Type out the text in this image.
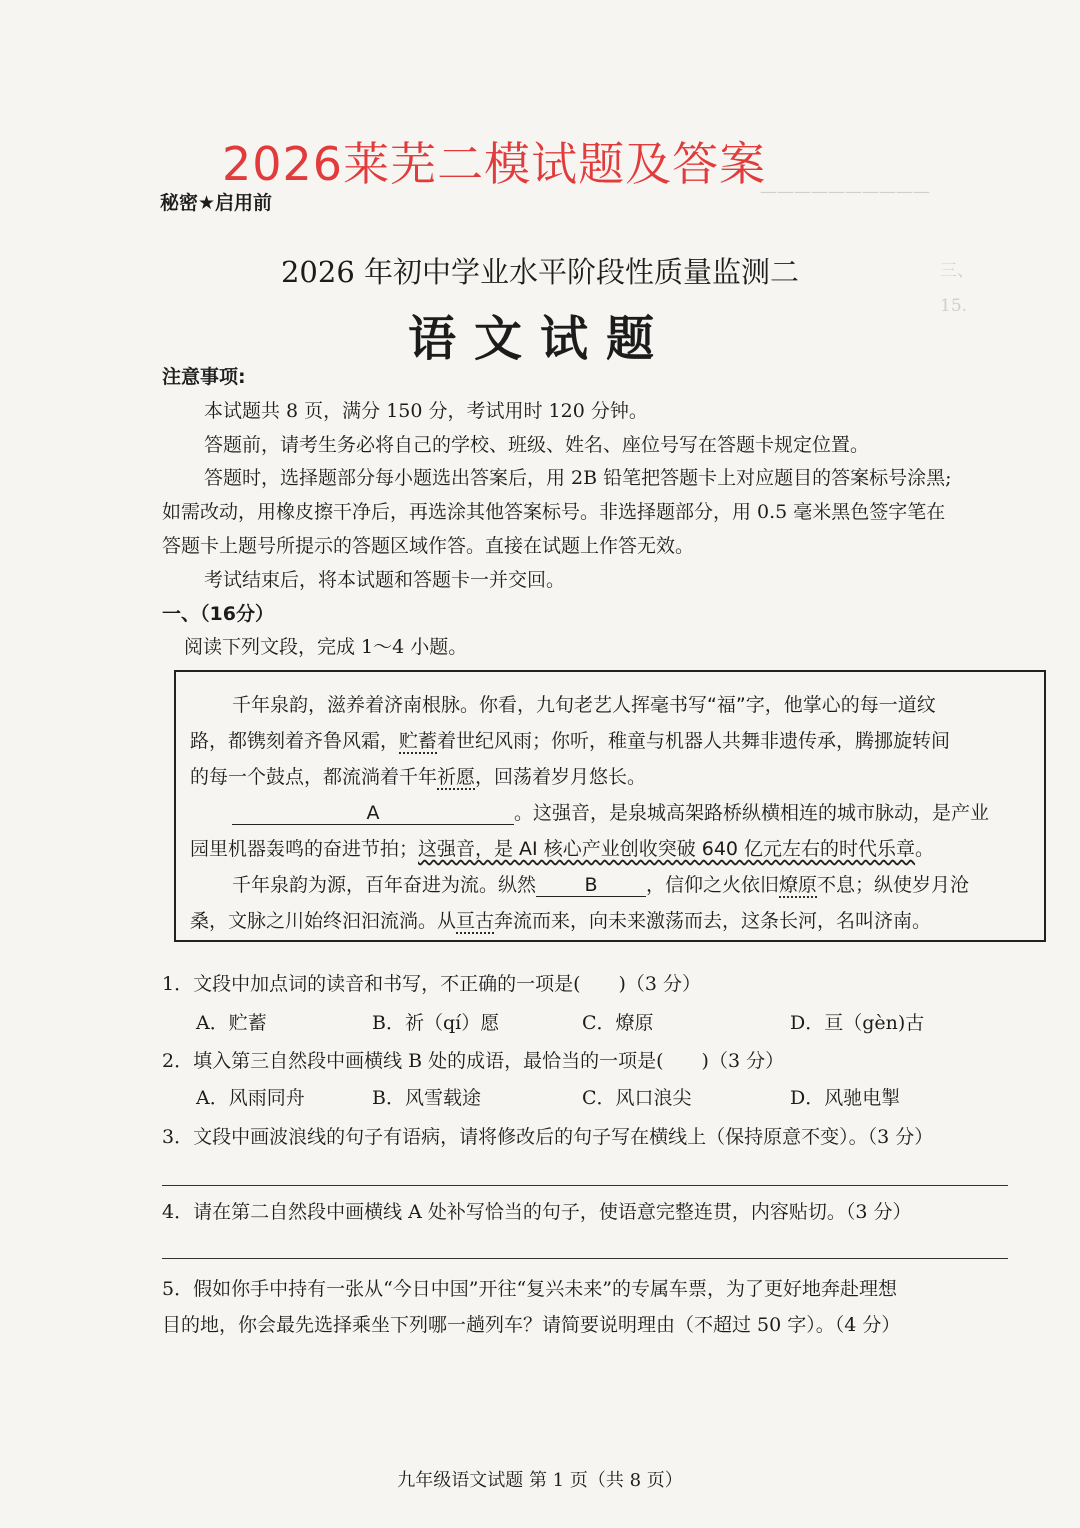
——————————
三、
15.
2026莱芜二模试题及答案
秘密★启用前
2026 年初中学业水平阶段性质量监测二
语文试题
注意事项:
本试题共 8 页，满分 150 分，考试用时 120 分钟。
答题前，请考生务必将自己的学校、班级、姓名、座位号写在答题卡规定位置。
答题时，选择题部分每小题选出答案后，用 2B 铅笔把答题卡上对应题目的答案标号涂黑;
如需改动，用橡皮擦干净后，再选涂其他答案标号。非选择题部分，用 0.5 毫米黑色签字笔在
答题卡上题号所提示的答题区域作答。直接在试题上作答无效。
考试结束后，将本试题和答题卡一并交回。
一、（16分）
阅读下列文段，完成 1～4 小题。
千年泉韵，滋养着济南根脉。你看，九旬老艺人挥毫书写“福”字，他掌心的每一道纹
路，都镌刻着齐鲁风霜，贮蓄着世纪风雨；你听，稚童与机器人共舞非遗传承，腾挪旋转间
的每一个鼓点，都流淌着千年祈愿，回荡着岁月悠长。
A	。这强音，是泉城高架路桥纵横相连的城市脉动，是产业
园里机器轰鸣的奋进节拍；这强音，是 AI 核心产业创收突破 640 亿元左右的时代乐章。
千年泉韵为源，百年奋进为流。纵然	B	，信仰之火依旧燎原不息；纵使岁月沧
桑，文脉之川始终汩汩流淌。从亘古奔流而来，向未来激荡而去，这条长河，名叫济南。
1．文段中加点词的读音和书写，不正确的一项是(　　)（3 分）
A．贮蓄	B．祈（qí）愿	C．燎原	D．亘（gèn)古
2．填入第三自然段中画横线 B 处的成语，最恰当的一项是(　　)（3 分）
A．风雨同舟	B．风雪载途	C．风口浪尖	D．风驰电掣
3．文段中画波浪线的句子有语病，请将修改后的句子写在横线上（保持原意不变）。（3 分）
4．请在第二自然段中画横线 A 处补写恰当的句子，使语意完整连贯，内容贴切。（3 分）
5．假如你手中持有一张从“今日中国”开往“复兴未来”的专属车票，为了更好地奔赴理想
目的地，你会最先选择乘坐下列哪一趟列车？请简要说明理由（不超过 50 字）。（4 分）
九年级语文试题 第 1 页（共 8 页）
